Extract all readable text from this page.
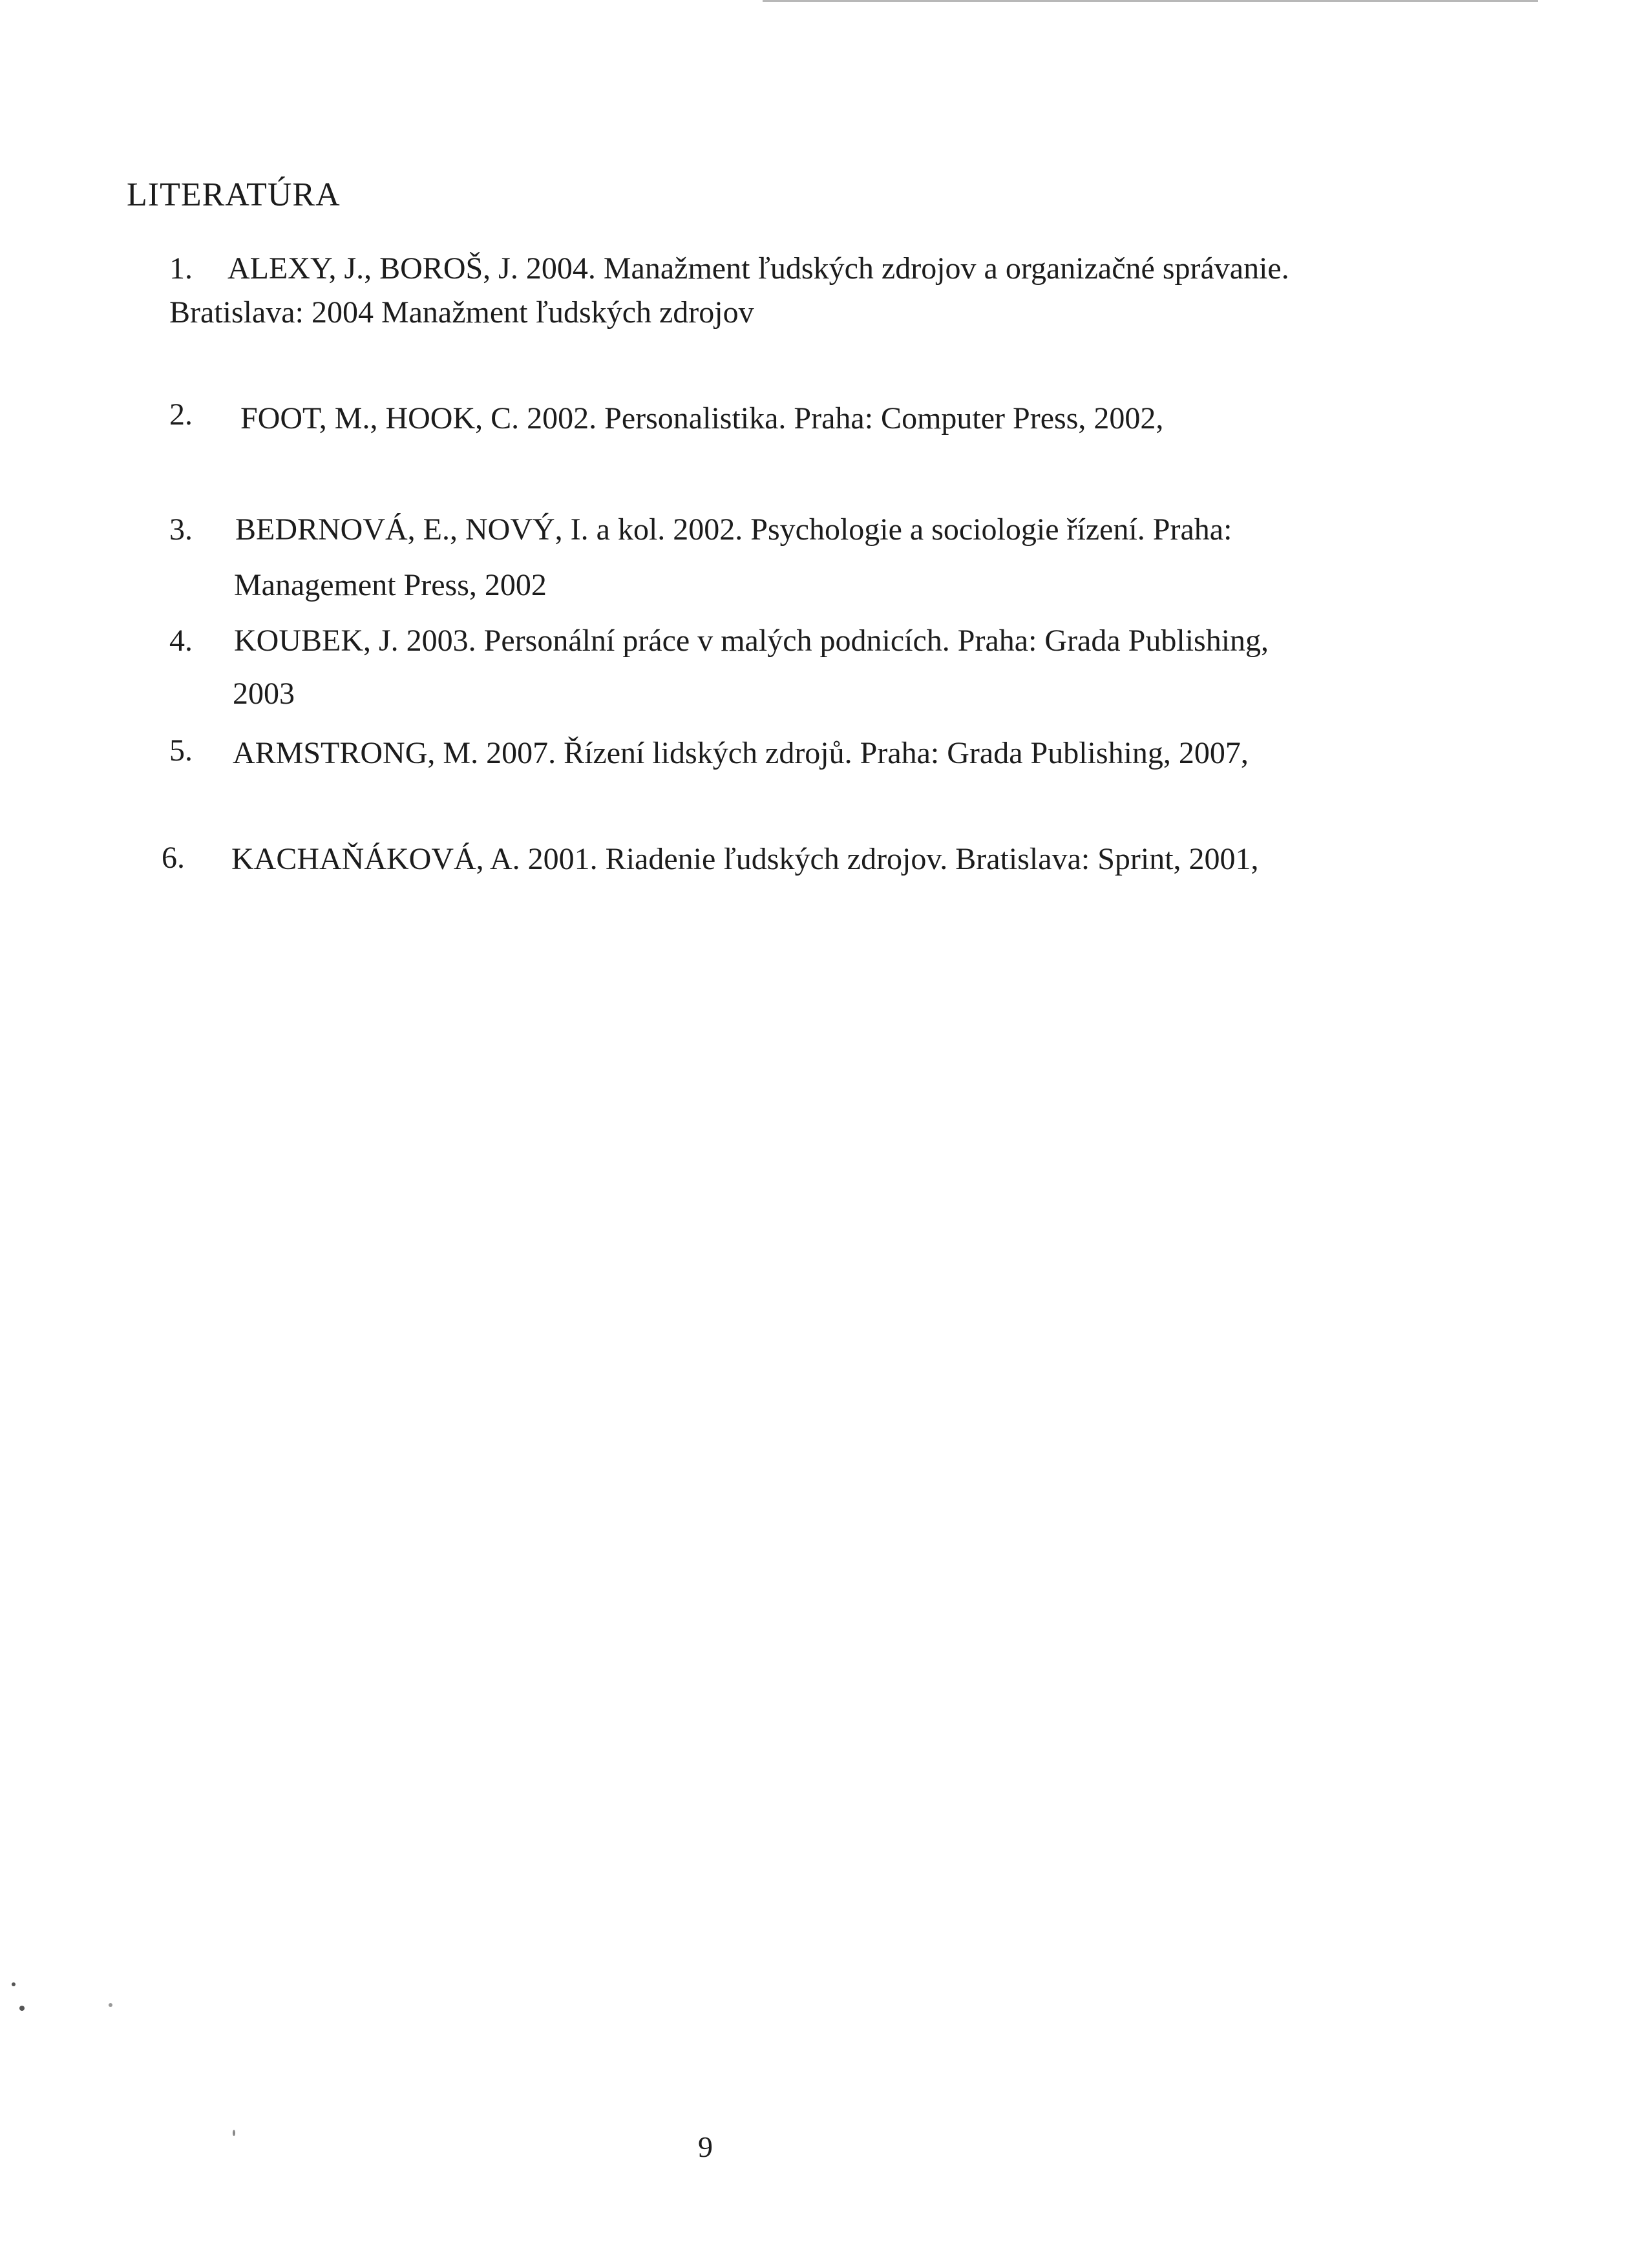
LITERATÚRA
1. ALEXY, J., BOROŠ, J. 2004. Manažment ľudských zdrojov a organizačné správanie.
Bratislava: 2004 Manažment ľudských zdrojov
2. FOOT, M., HOOK, C. 2002. Personalistika. Praha: Computer Press, 2002,
3. BEDRNOVÁ, E., NOVÝ, I. a kol. 2002. Psychologie a sociologie řízení. Praha:
Management Press, 2002
4. KOUBEK, J. 2003. Personální práce v malých podnicích. Praha: Grada Publishing,
2003
5. ARMSTRONG, M. 2007. Řízení lidských zdrojů. Praha: Grada Publishing, 2007,
6. KACHAŇÁKOVÁ, A. 2001. Riadenie ľudských zdrojov. Bratislava: Sprint, 2001,
9
